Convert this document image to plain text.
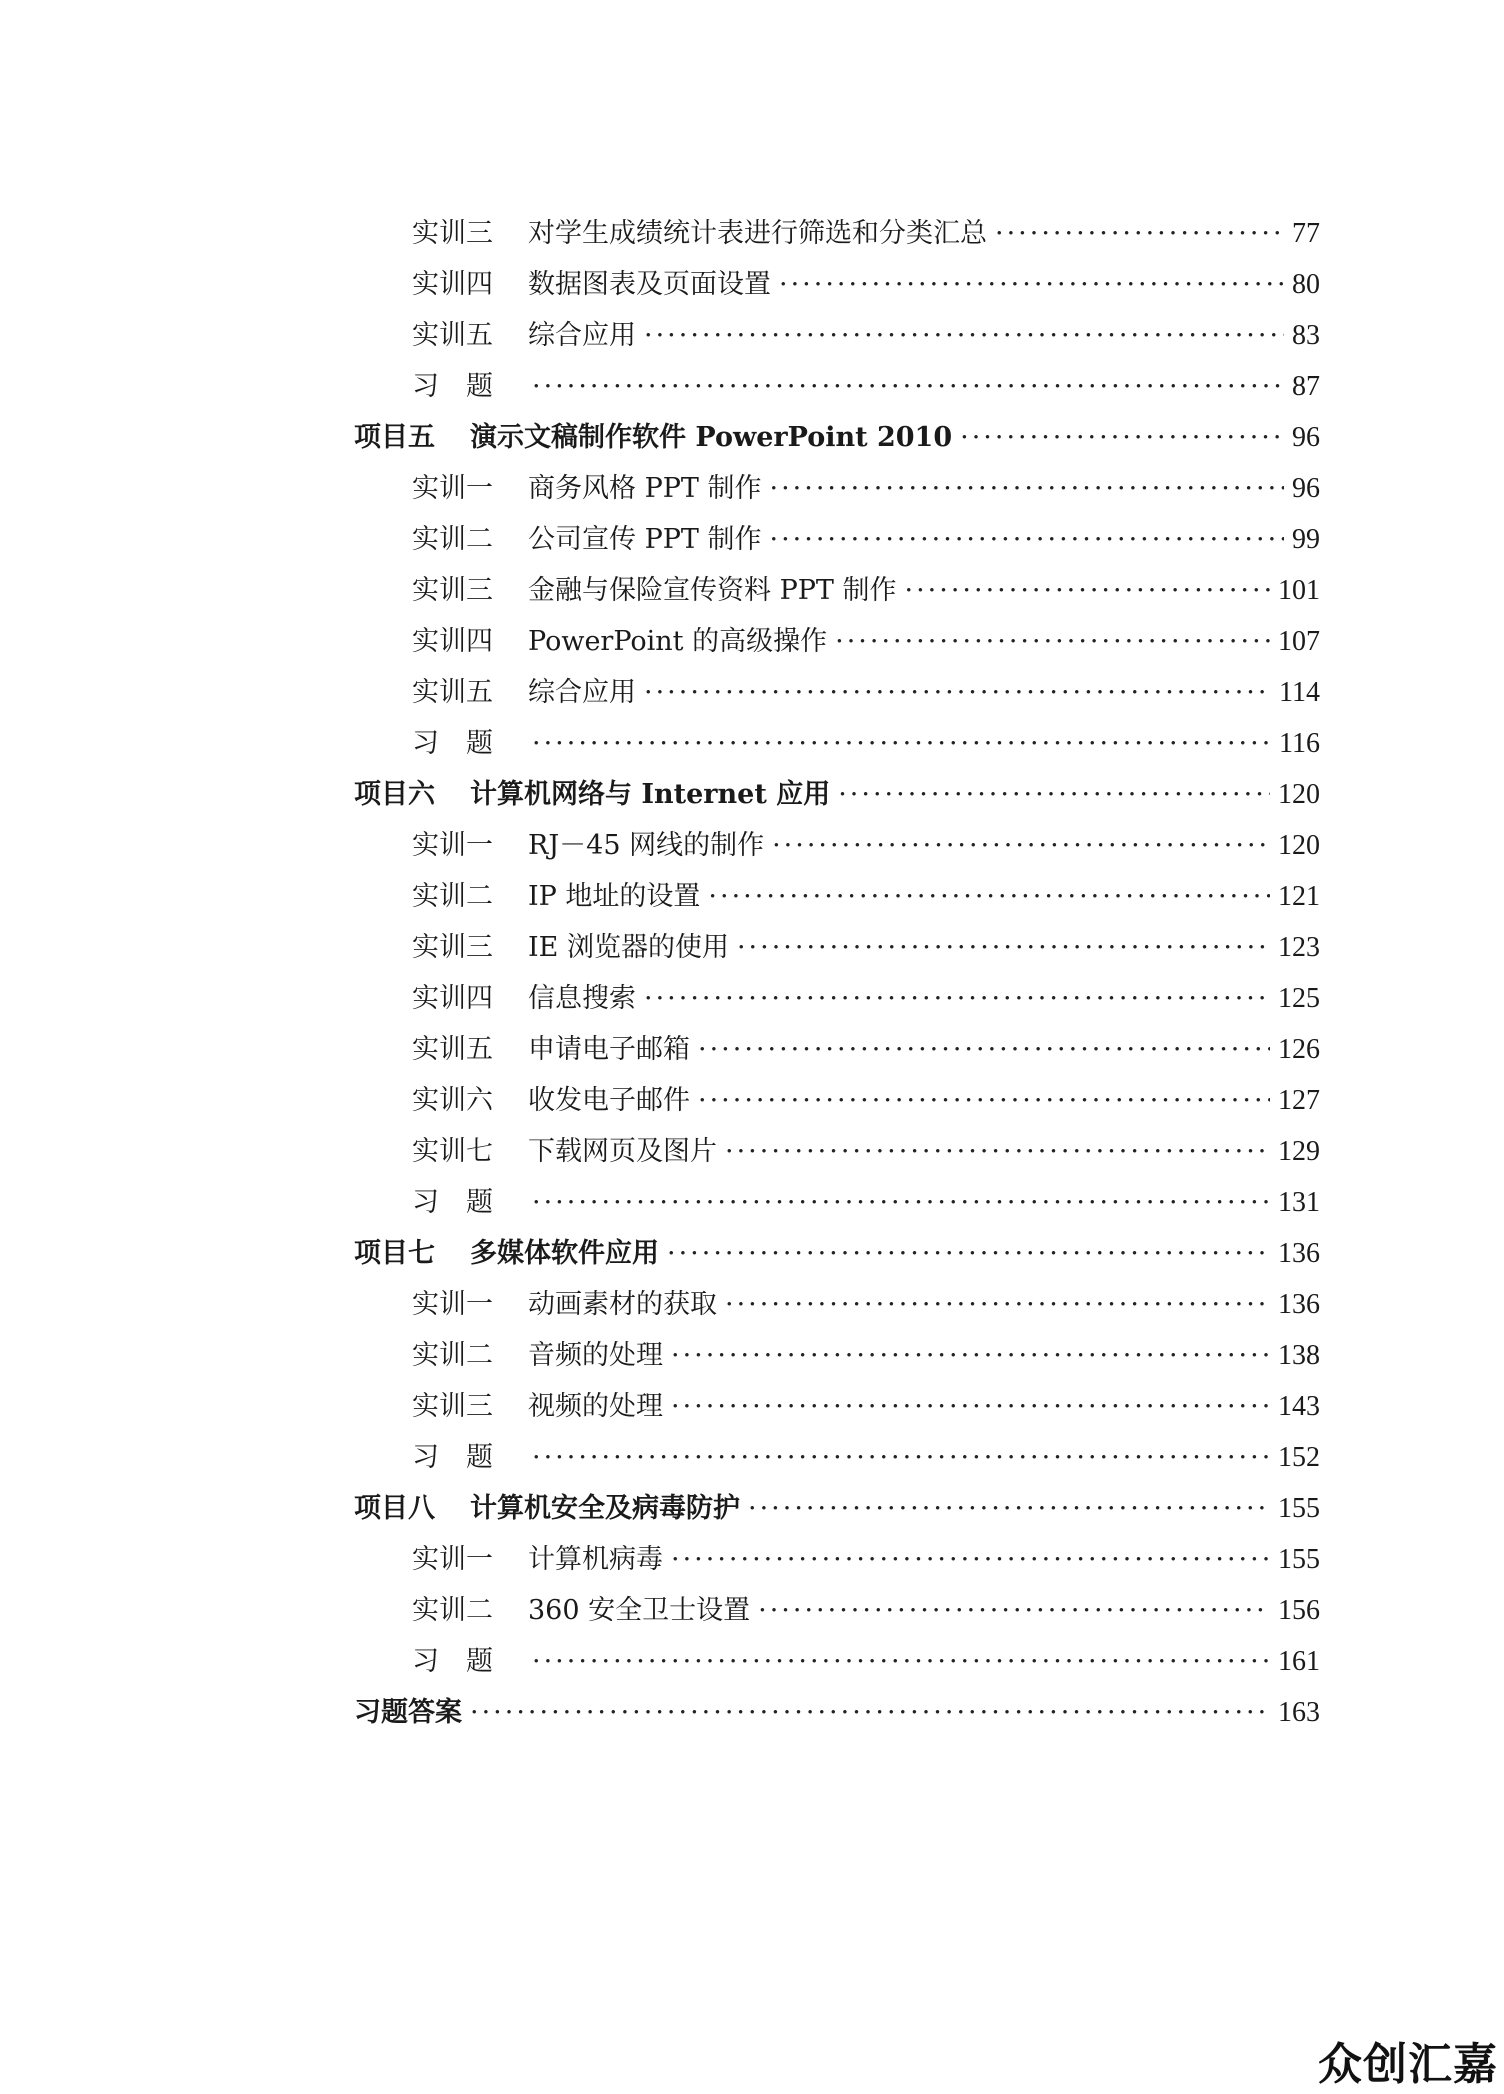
实训三	对学生成绩统计表进行筛选和分类汇总 ·····	77
实训四	数据图表及页面设置 ·····	80
实训五	综合应用 ·····	83
习　题 ·····	87
项目五	演示文稿制作软件 PowerPoint 2010 ·····	96
实训一	商务风格 PPT 制作 ·····	96
实训二	公司宣传 PPT 制作 ·····	99
实训三	金融与保险宣传资料 PPT 制作 ·····	101
实训四	PowerPoint 的高级操作 ·····	107
实训五	综合应用 ·····	114
习　题 ·····	116
项目六	计算机网络与 Internet 应用 ·····	120
实训一	RJ－45 网线的制作 ·····	120
实训二	IP 地址的设置 ·····	121
实训三	IE 浏览器的使用 ·····	123
实训四	信息搜索 ·····	125
实训五	申请电子邮箱 ·····	126
实训六	收发电子邮件 ·····	127
实训七	下载网页及图片 ·····	129
习　题 ·····	131
项目七	多媒体软件应用 ·····	136
实训一	动画素材的获取 ·····	136
实训二	音频的处理 ·····	138
实训三	视频的处理 ·····	143
习　题 ·····	152
项目八	计算机安全及病毒防护 ·····	155
实训一	计算机病毒 ·····	155
实训二	360 安全卫士设置 ·····	156
习　题 ·····	161
习题答案 ·····	163
众创汇嘉
